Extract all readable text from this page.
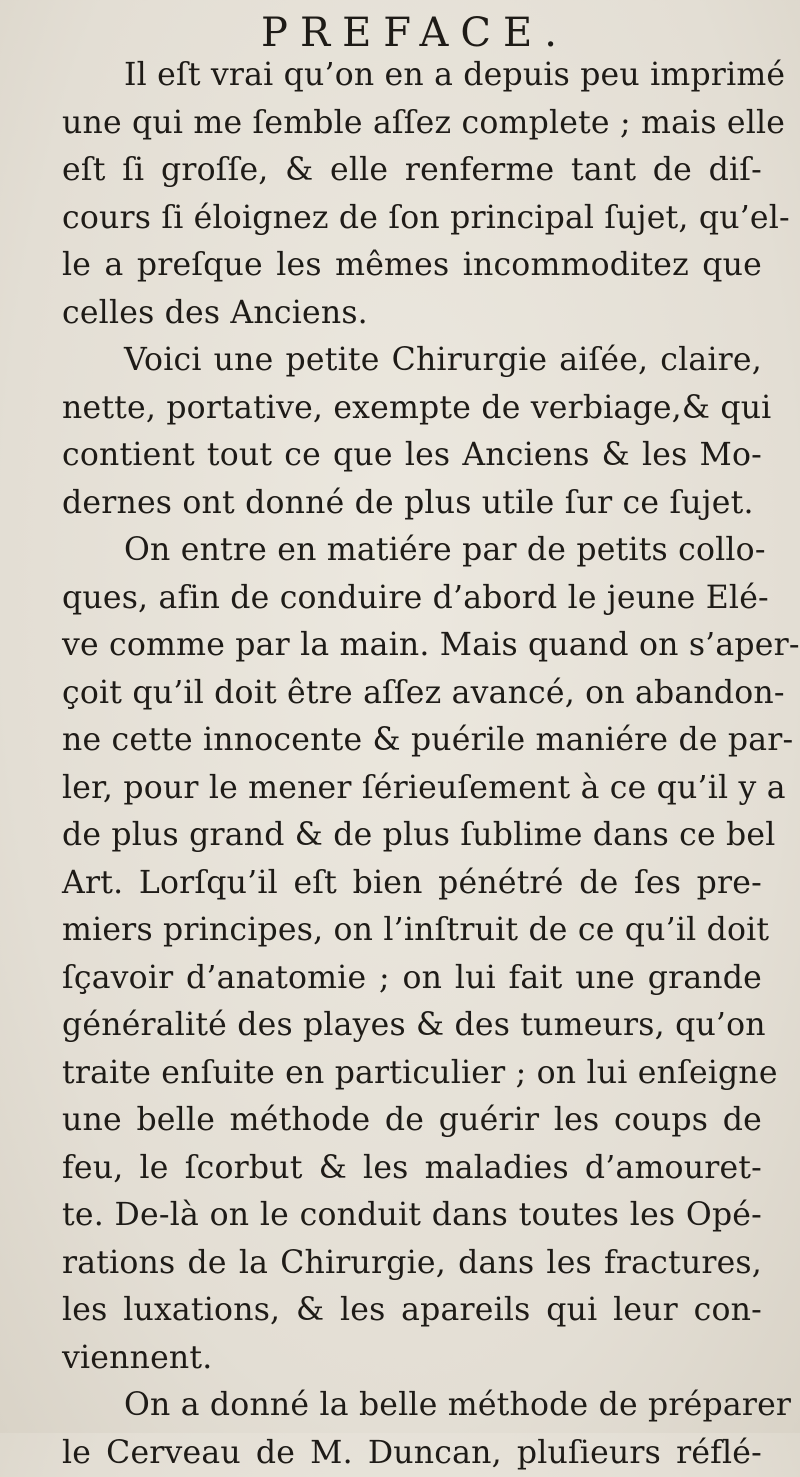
PREFACE.

Il eſt vrai qu’on en a depuis peu imprimé
une qui me ſemble aſſez complete ; mais elle
eſt ſi groſſe, & elle renferme tant de diſ-
cours ſi éloignez de ſon principal ſujet, qu’el-
le a preſque les mêmes incommoditez que
celles des Anciens.

Voici une petite Chirurgie aiſée, claire,
nette, portative, exempte de verbiage,& qui
contient tout ce que les Anciens & les Mo-
dernes ont donné de plus utile ſur ce ſujet.

On entre en matiére par de petits collo-
ques, afin de conduire d’abord le jeune Elé-
ve comme par la main. Mais quand on s’aper-
çoit qu’il doit être aſſez avancé, on abandon-
ne cette innocente & puérile maniére de par-
ler, pour le mener ſérieuſement à ce qu’il y a
de plus grand & de plus ſublime dans ce bel
Art. Lorſqu’il eſt bien pénétré de ſes pre-
miers principes, on l’inſtruit de ce qu’il doit
ſçavoir d’anatomie ; on lui fait une grande
généralité des playes & des tumeurs, qu’on
traite enſuite en particulier ; on lui enſeigne
une belle méthode de guérir les coups de
feu, le ſcorbut & les maladies d’amouret-
te. De-là on le conduit dans toutes les Opé-
rations de la Chirurgie, dans les fractures,
les luxations, & les apareils qui leur con-
viennent.

On a donné la belle méthode de préparer
le Cerveau de M. Duncan, pluſieurs réflé-
